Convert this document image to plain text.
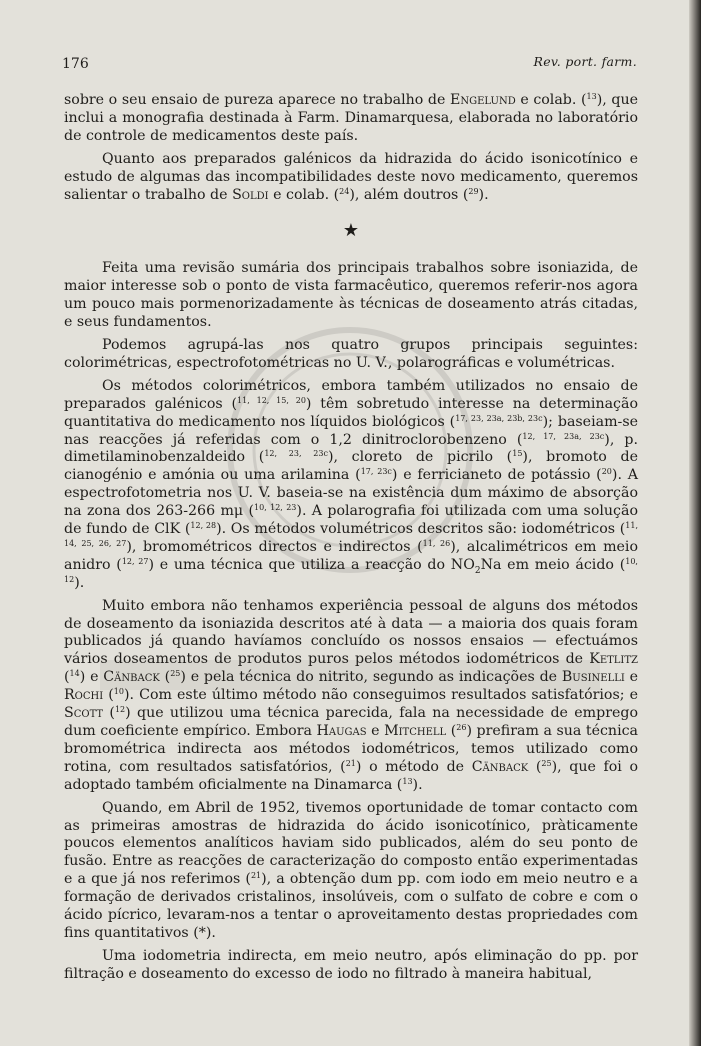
176	Rev. port. farm.

sobre o seu ensaio de pureza aparece no trabalho de Engelund e colab. ($^{13}$), que inclui a monografia destinada à Farm. Dinamarquesa, elaborada no laboratório de controle de medicamentos deste país.

Quanto aos preparados galénicos da hidrazida do ácido isonicotínico e estudo de algumas das incompatibilidades deste novo medicamento, queremos salientar o trabalho de Soldi e colab. ($^{24}$), além doutros ($^{29}$).

★

Feita uma revisão sumária dos principais trabalhos sobre isoniazida, de maior interesse sob o ponto de vista farmacêutico, queremos referir-nos agora um pouco mais pormenorizadamente às técnicas de doseamento atrás citadas, e seus fundamentos.

Podemos agrupá-las nos quatro grupos principais seguintes: colorimétricas, espectrofotométricas no U. V., polarográficas e volumétricas.

Os métodos colorimétricos, embora também utilizados no ensaio de preparados galénicos ($^{11, 12, 15, 20}$) têm sobretudo interesse na determinação quantitativa do medicamento nos líquidos biológicos ($^{17, 23, 23a, 23b, 23c}$); baseiam-se nas reacções já referidas com o 1,2 dinitroclorobenzeno ($^{12, 17, 23a, 23c}$), p. dimetilaminobenzaldeido ($^{12, 23, 23c}$), cloreto de picrilo ($^{15}$), bromoto de cianogénio e amónia ou uma arilamina ($^{17, 23c}$) e ferricianeto de potássio ($^{20}$). A espectrofotometria nos U. V. baseia-se na existência dum máximo de absorção na zona dos 263-266 mμ ($^{10, 12, 23}$). A polarografia foi utilizada com uma solução de fundo de ClK ($^{12, 28}$). Os métodos volumétricos descritos são: iodométricos ($^{11, 14, 25, 26, 27}$), bromométricos directos e indirectos ($^{11, 26}$), alcalimétricos em meio anidro ($^{12, 27}$) e uma técnica que utiliza a reacção do $NO_2Na$ em meio ácido ($^{10, 12}$).

Muito embora não tenhamos experiência pessoal de alguns dos métodos de doseamento da isoniazida descritos até à data — a maioria dos quais foram publicados já quando havíamos concluído os nossos ensaios — efectuámos vários doseamentos de produtos puros pelos métodos iodométricos de Ketlitz ($^{14}$) e Cänback ($^{25}$) e pela técnica do nitrito, segundo as indicações de Businelli e Rochi ($^{10}$). Com este último método não conseguimos resultados satisfatórios; e Scott ($^{12}$) que utilizou uma técnica parecida, fala na necessidade de emprego dum coeficiente empírico. Embora Haugas e Mitchell ($^{26}$) prefiram a sua técnica bromométrica indirecta aos métodos iodométricos, temos utilizado como rotina, com resultados satisfatórios, ($^{21}$) o método de Cänback ($^{25}$), que foi o adoptado também oficialmente na Dinamarca ($^{13}$).

Quando, em Abril de 1952, tivemos oportunidade de tomar contacto com as primeiras amostras de hidrazida do ácido isonicotínico, pràticamente poucos elementos analíticos haviam sido publicados, além do seu ponto de fusão. Entre as reacções de caracterização do composto então experimentadas e a que já nos referimos ($^{21}$), a obtenção dum pp. com iodo em meio neutro e a formação de derivados cristalinos, insolúveis, com o sulfato de cobre e com o ácido pícrico, levaram-nos a tentar o aproveitamento destas propriedades com fins quantitativos (*).

Uma iodometria indirecta, em meio neutro, após eliminação do pp. por filtração e doseamento do excesso de iodo no filtrado à maneira habitual,
